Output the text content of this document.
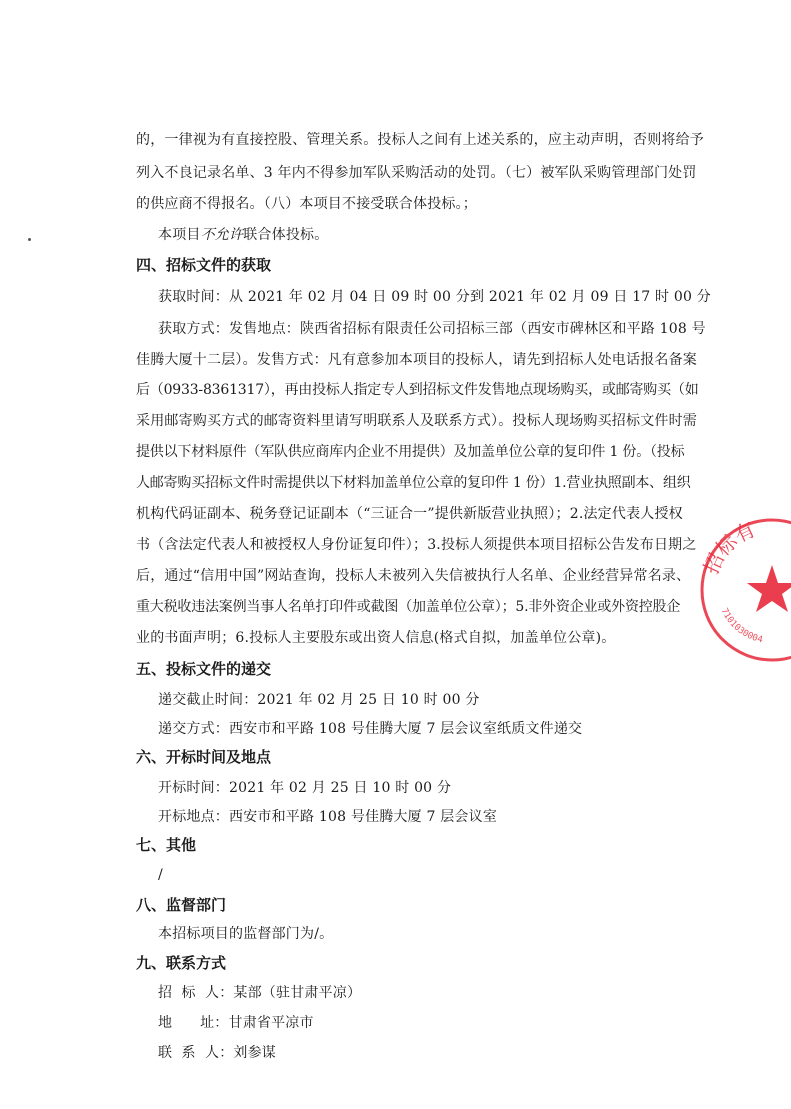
的，一律视为有直接控股、管理关系。投标人之间有上述关系的，应主动声明，否则将给予
列入不良记录名单、3 年内不得参加军队采购活动的处罚。（七）被军队采购管理部门处罚
的供应商不得报名。（八）本项目不接受联合体投标。；
本项目不允许联合体投标。
四、招标文件的获取
获取时间：从 2021 年 02 月 04 日 09 时 00 分到 2021 年 02 月 09 日 17 时 00 分
获取方式：发售地点：陕西省招标有限责任公司招标三部（西安市碑林区和平路 108 号
佳腾大厦十二层）。发售方式：凡有意参加本项目的投标人，请先到招标人处电话报名备案
后（0933-8361317），再由投标人指定专人到招标文件发售地点现场购买，或邮寄购买（如
采用邮寄购买方式的邮寄资料里请写明联系人及联系方式）。投标人现场购买招标文件时需
提供以下材料原件（军队供应商库内企业不用提供）及加盖单位公章的复印件 1 份。（投标
人邮寄购买招标文件时需提供以下材料加盖单位公章的复印件 1 份）1.营业执照副本、组织
机构代码证副本、税务登记证副本（“三证合一”提供新版营业执照）；2.法定代表人授权
书（含法定代表人和被授权人身份证复印件）；3.投标人须提供本项目招标公告发布日期之
后，通过“信用中国”网站查询，投标人未被列入失信被执行人名单、企业经营异常名录、
重大税收违法案例当事人名单打印件或截图（加盖单位公章）；5.非外资企业或外资控股企
业的书面声明；6.投标人主要股东或出资人信息(格式自拟，加盖单位公章)。
五、投标文件的递交
递交截止时间：2021 年 02 月 25 日 10 时 00 分
递交方式：西安市和平路 108 号佳腾大厦 7 层会议室纸质文件递交
六、开标时间及地点
开标时间：2021 年 02 月 25 日 10 时 00 分
开标地点：西安市和平路 108 号佳腾大厦 7 层会议室
七、其他
/
八、监督部门
本招标项目的监督部门为/。
九、联系方式
招  标  人：某部（驻甘肃平凉）
地      址：甘肃省平凉市
联  系  人：刘参谋
招标有
7101030004
